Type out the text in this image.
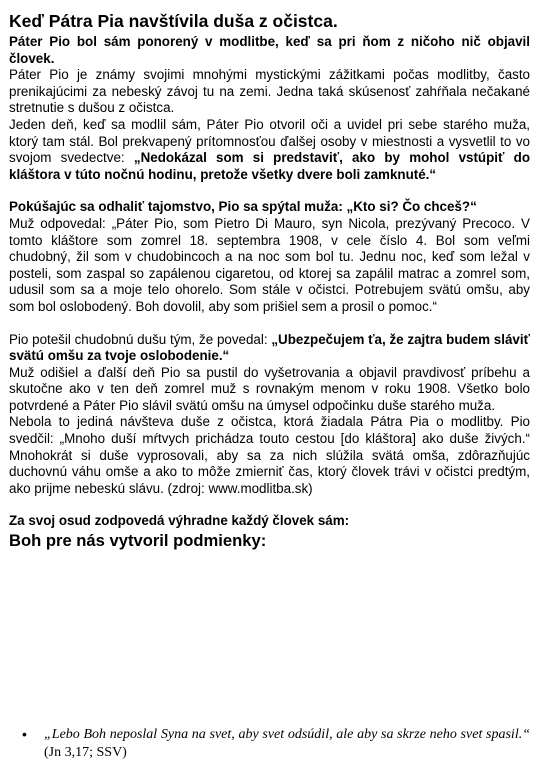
Keď Pátra Pia navštívila duša z očistca.

Páter Pio bol sám ponorený v modlitbe, keď sa pri ňom z ničoho nič objavil človek.

Páter Pio je známy svojimi mnohými mystickými zážitkami počas modlitby, často prenikajúcimi za nebeský závoj tu na zemi. Jedna taká skúsenosť zahŕňala nečakané stretnutie s dušou z očistca.

Jeden deň, keď sa modlil sám, Páter Pio otvoril oči a uvidel pri sebe starého muža, ktorý tam stál. Bol prekvapený prítomnosťou ďalšej osoby v miestnosti a vysvetlil to vo svojom svedectve: „Nedokázal som si predstaviť, ako by mohol vstúpiť do kláštora v túto nočnú hodinu, pretože všetky dvere boli zamknuté.“

Pokúšajúc sa odhaliť tajomstvo, Pio sa spýtal muža: „Kto si? Čo chceš?“

Muž odpovedal: „Páter Pio, som Pietro Di Mauro, syn Nicola, prezývaný Precoco. V tomto kláštore som zomrel 18. septembra 1908, v cele číslo 4. Bol som veľmi chudobný, žil som v chudobincoch a na noc som bol tu. Jednu noc, keď som ležal v posteli, som zaspal so zapálenou cigaretou, od ktorej sa zapálil matrac a zomrel som, udusil som sa a moje telo ohorelo. Som stále v očistci. Potrebujem svätú omšu, aby som bol oslobodený. Boh dovolil, aby som prišiel sem a prosil o pomoc.“

Pio potešil chudobnú dušu tým, že povedal: „Ubezpečujem ťa, že zajtra budem sláviť svätú omšu za tvoje oslobodenie.“

Muž odišiel a ďalší deň Pio sa pustil do vyšetrovania a objavil pravdivosť príbehu a skutočne ako v ten deň zomrel muž s rovnakým menom v roku 1908. Všetko bolo potvrdené a Páter Pio slávil svätú omšu na úmysel odpočinku duše starého muža.

Nebola to jediná návšteva duše z očistca, ktorá žiadala Pátra Pia o modlitby. Pio svedčil: „Mnoho duší mŕtvych prichádza touto cestou [do kláštora] ako duše živých.“ Mnohokrát si duše vyprosovali, aby sa za nich slúžila svätá omša, zdôrazňujúc duchovnú váhu omše a ako to môže zmierniť čas, ktorý človek trávi v očistci predtým, ako prijme nebeskú slávu. (zdroj: www.modlitba.sk)

Za svoj osud zodpovedá výhradne každý človek sám:

Boh pre nás vytvoril podmienky:
•	„Lebo Boh neposlal Syna na svet, aby svet odsúdil, ale aby sa skrze neho svet spasil.“ (Jn 3,17; SSV)
